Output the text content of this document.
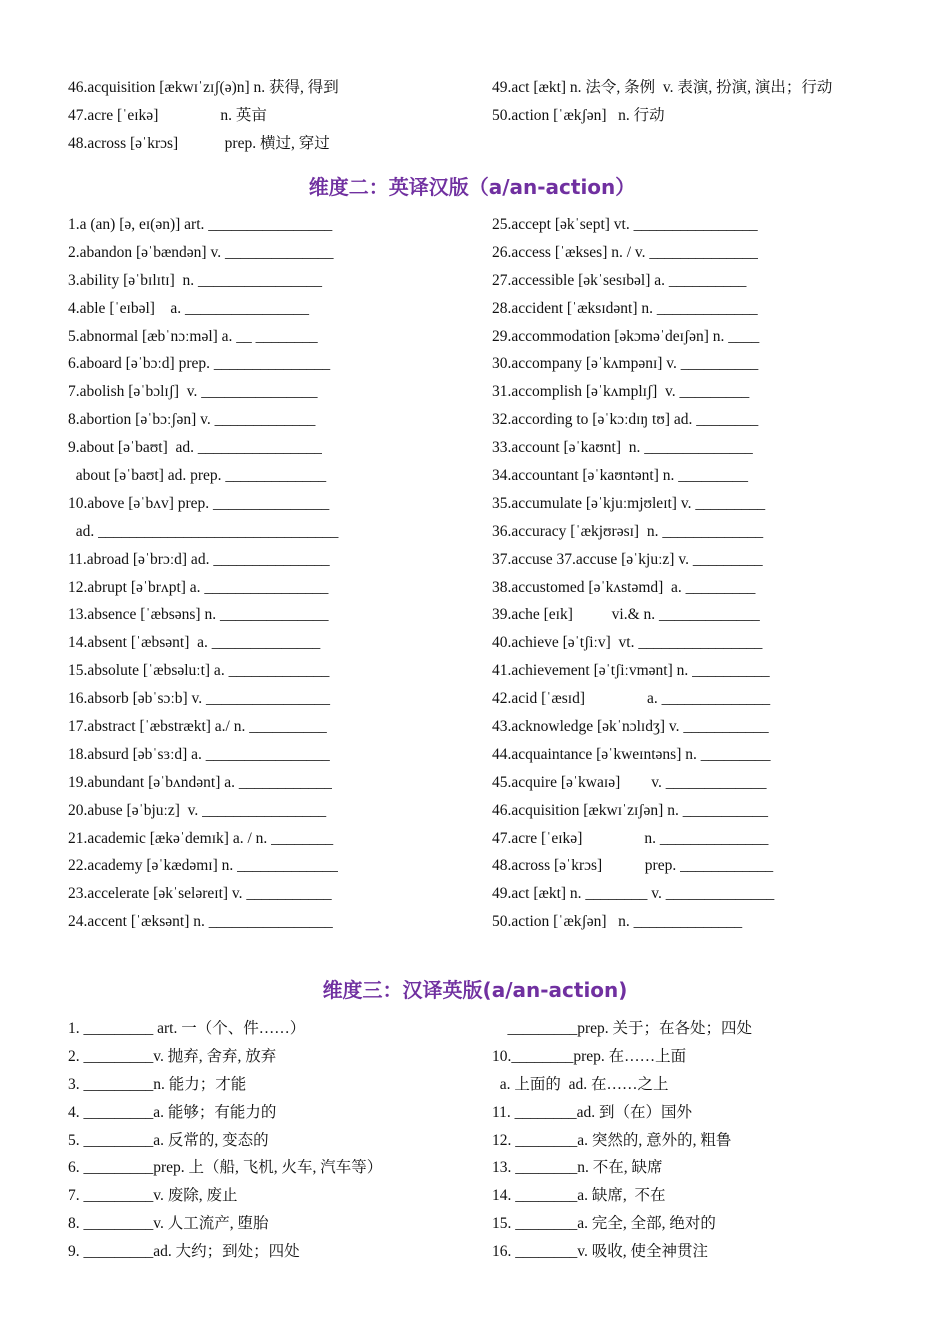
46.acquisition [ækwɪˈzɪʃ(ə)n] n. 获得, 得到
47.acre [ˈeɪkə]                n. 英亩
48.across [əˈkrɔs]            prep. 横过, 穿过
49.act [ækt] n. 法令, 条例  v. 表演, 扮演, 演出；行动
50.action [ˈækʃən]   n. 行动
维度二：英译汉版（a/an-action）
1.a (an) [ə, eɪ(ən)] art. ________________
2.abandon [əˈbændən] v. ______________
3.ability [əˈbɪlɪtɪ]  n. ________________
4.able [ˈeɪbəl]    a. ________________
5.abnormal [æbˈnɔːməl] a. __ ________
6.aboard [əˈbɔːd] prep. _______________
7.abolish [əˈbɔlɪʃ]  v. _______________
8.abortion [əˈbɔːʃən] v. _____________
9.about [əˈbaʊt]  ad. ________________
about [əˈbaʊt] ad. prep. _____________
10.above [əˈbʌv] prep. _______________
ad. _______________________________
11.abroad [əˈbrɔːd] ad. _______________
12.abrupt [əˈbrʌpt] a. ________________
13.absence [ˈæbsəns] n. ______________
14.absent [ˈæbsənt]  a. ______________
15.absolute [ˈæbsəluːt] a. _____________
16.absorb [əbˈsɔːb] v. ________________
17.abstract [ˈæbstrækt] a./ n. __________
18.absurd [əbˈsɜːd] a. ________________
19.abundant [əˈbʌndənt] a. ____________
20.abuse [əˈbjuːz]  v. ________________
21.academic [ækəˈdemɪk] a. / n. ________
22.academy [əˈkædəmɪ] n. _____________
23.accelerate [əkˈseləreɪt] v. ___________
24.accent [ˈæksənt] n. ________________
25.accept [əkˈsept] vt. ________________
26.access [ˈækses] n. / v. ______________
27.accessible [əkˈsesɪbəl] a. __________
28.accident [ˈæksɪdənt] n. _____________
29.accommodation [əkɔməˈdeɪʃən] n. ____
30.accompany [əˈkʌmpənɪ] v. __________
31.accomplish [əˈkʌmplɪʃ]  v. _________
32.according to [əˈkɔːdɪŋ tʊ] ad. ________
33.account [əˈkaʊnt]  n. ______________
34.accountant [əˈkaʊntənt] n. _________
35.accumulate [əˈkjuːmjʊleɪt] v. _________
36.accuracy [ˈækjʊrəsɪ]  n. _____________
37.accuse 37.accuse [əˈkjuːz] v. _________
38.accustomed [əˈkʌstəmd]  a. _________
39.ache [eɪk]          vi.& n. _____________
40.achieve [əˈtʃiːv]  vt. ________________
41.achievement [əˈtʃiːvmənt] n. __________
42.acid [ˈæsɪd]                a. ______________
43.acknowledge [əkˈnɔlɪdʒ] v. ___________
44.acquaintance [əˈkweɪntəns] n. _________
45.acquire [əˈkwaɪə]        v. _____________
46.acquisition [ækwɪˈzɪʃən] n. ___________
47.acre [ˈeɪkə]                n. ______________
48.across [əˈkrɔs]           prep. ____________
49.act [ækt] n. ________ v. ______________
50.action [ˈækʃən]   n. ______________
维度三：汉译英版(a/an-action)
1. _________ art. 一（个、件……）
2. _________v. 抛弃, 舍弃, 放弃
3. _________n. 能力；才能
4. _________a. 能够；有能力的
5. _________a. 反常的, 变态的
6. _________prep. 上（船, 飞机, 火车, 汽车等）
7. _________v. 废除, 废止
8. _________v. 人工流产, 堕胎
9. _________ad. 大约；到处；四处
_________prep. 关于；在各处；四处
10.________prep. 在……上面
a. 上面的  ad. 在……之上
11. ________ad. 到（在）国外
12. ________a. 突然的, 意外的, 粗鲁
13. ________n. 不在, 缺席
14. ________a. 缺席,  不在
15. ________a. 完全, 全部, 绝对的
16. ________v. 吸收, 使全神贯注
